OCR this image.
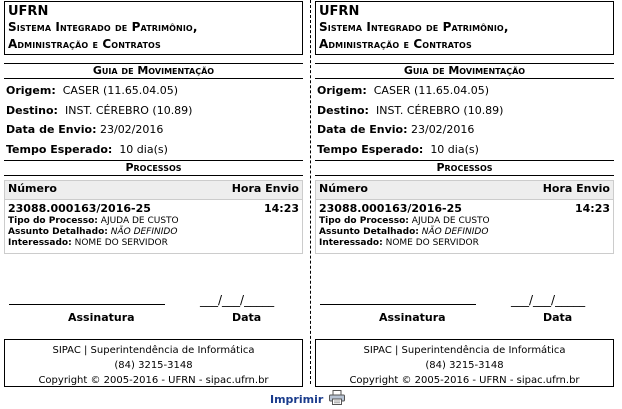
UFRN
Sistema Integrado de Patrimônio,
Administração e Contratos
Guia de Movimentação
Origem: CASER (11.65.04.05)
Destino: INST. CÉREBRO (10.89)
Data de Envio: 23/02/2016
Tempo Esperado: 10 dia(s)
Processos
Número	Hora Envio
23088.000163/2016-25	14:23
Tipo do Processo: AJUDA DE CUSTO
Assunto Detalhado: NÃO DEFINIDO
Interessado: NOME DO SERVIDOR
___/___/_____
Assinatura	Data
SIPAC | Superintendência de Informática
(84) 3215-3148
Copyright © 2005-2016 - UFRN - sipac.ufrn.br
UFRN
Sistema Integrado de Patrimônio,
Administração e Contratos
Guia de Movimentação
Origem: CASER (11.65.04.05)
Destino: INST. CÉREBRO (10.89)
Data de Envio: 23/02/2016
Tempo Esperado: 10 dia(s)
Processos
Número	Hora Envio
23088.000163/2016-25	14:23
Tipo do Processo: AJUDA DE CUSTO
Assunto Detalhado: NÃO DEFINIDO
Interessado: NOME DO SERVIDOR
___/___/_____
Assinatura	Data
SIPAC | Superintendência de Informática
(84) 3215-3148
Copyright © 2005-2016 - UFRN - sipac.ufrn.br
Imprimir
